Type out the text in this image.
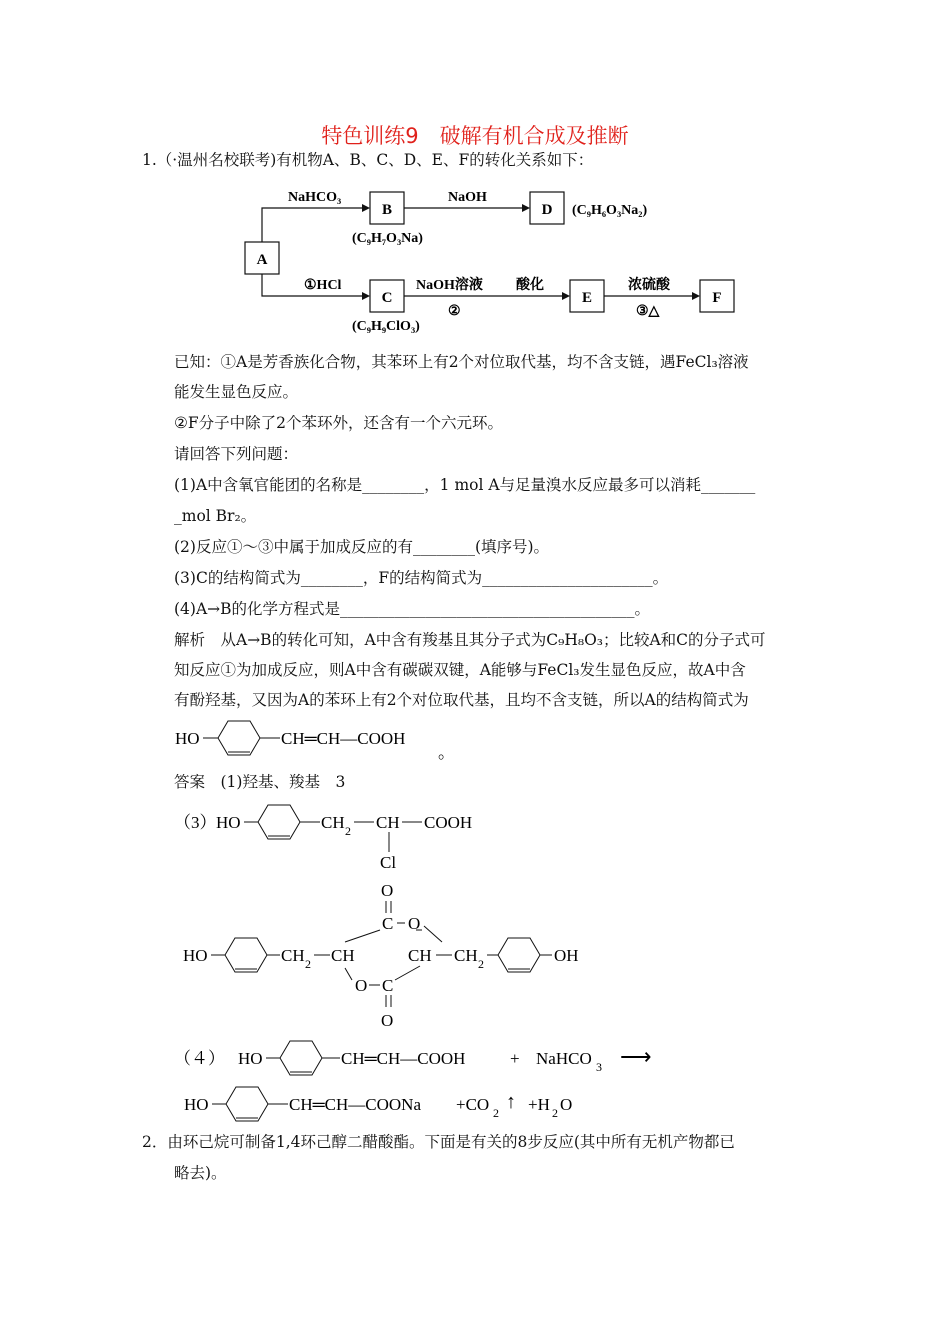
特色训练9　破解有机合成及推断
1.（·温州名校联考)有机物A、B、C、D、E、F的转化关系如下：
A
B	D
C	E	F
NaHCO₃	NaOH
①HCl	NaOH溶液
②
酸化	浓硫酸
③△
(C₉H₇O₃Na)
(C₉H₆O₃Na₂)
(C₉H₉ClO₃)
已知：①A是芳香族化合物，其苯环上有2个对位取代基，均不含支链，遇FeCl₃溶液
能发生显色反应。
②F分子中除了2个苯环外，还含有一个六元环。
请回答下列问题：
(1)A中含氧官能团的名称是________，1 mol A与足量溴水反应最多可以消耗_______
_mol Br₂。
(2)反应①～③中属于加成反应的有________(填序号)。
(3)C的结构简式为________，F的结构简式为______________________。
(4)A→B的化学方程式是______________________________________。
解析　从A→B的转化可知，A中含有羧基且其分子式为C₉H₈O₃；比较A和C的分子式可
知反应①为加成反应，则A中含有碳碳双键，A能够与FeCl₃发生显色反应，故A中含
有酚羟基，又因为A的苯环上有2个对位取代基，且均不含支链，所以A的结构简式为
HO	CH═CH—COOH
。
答案　(1)羟基、羧基　3
（3） HO	CH 2 CH COOH
Cl
HO	CH 2 CH
O
C O
CH CH 2	OH
O C
O
（４） HO	CH═CH—COOH	+ NaHCO 3 ⟶
HO	CH═CH—COONa +CO 2 ↑ +H 2 O
2．由环己烷可制备1,4环己醇二醋酸酯。下面是有关的8步反应(其中所有无机产物都已
略去)。
